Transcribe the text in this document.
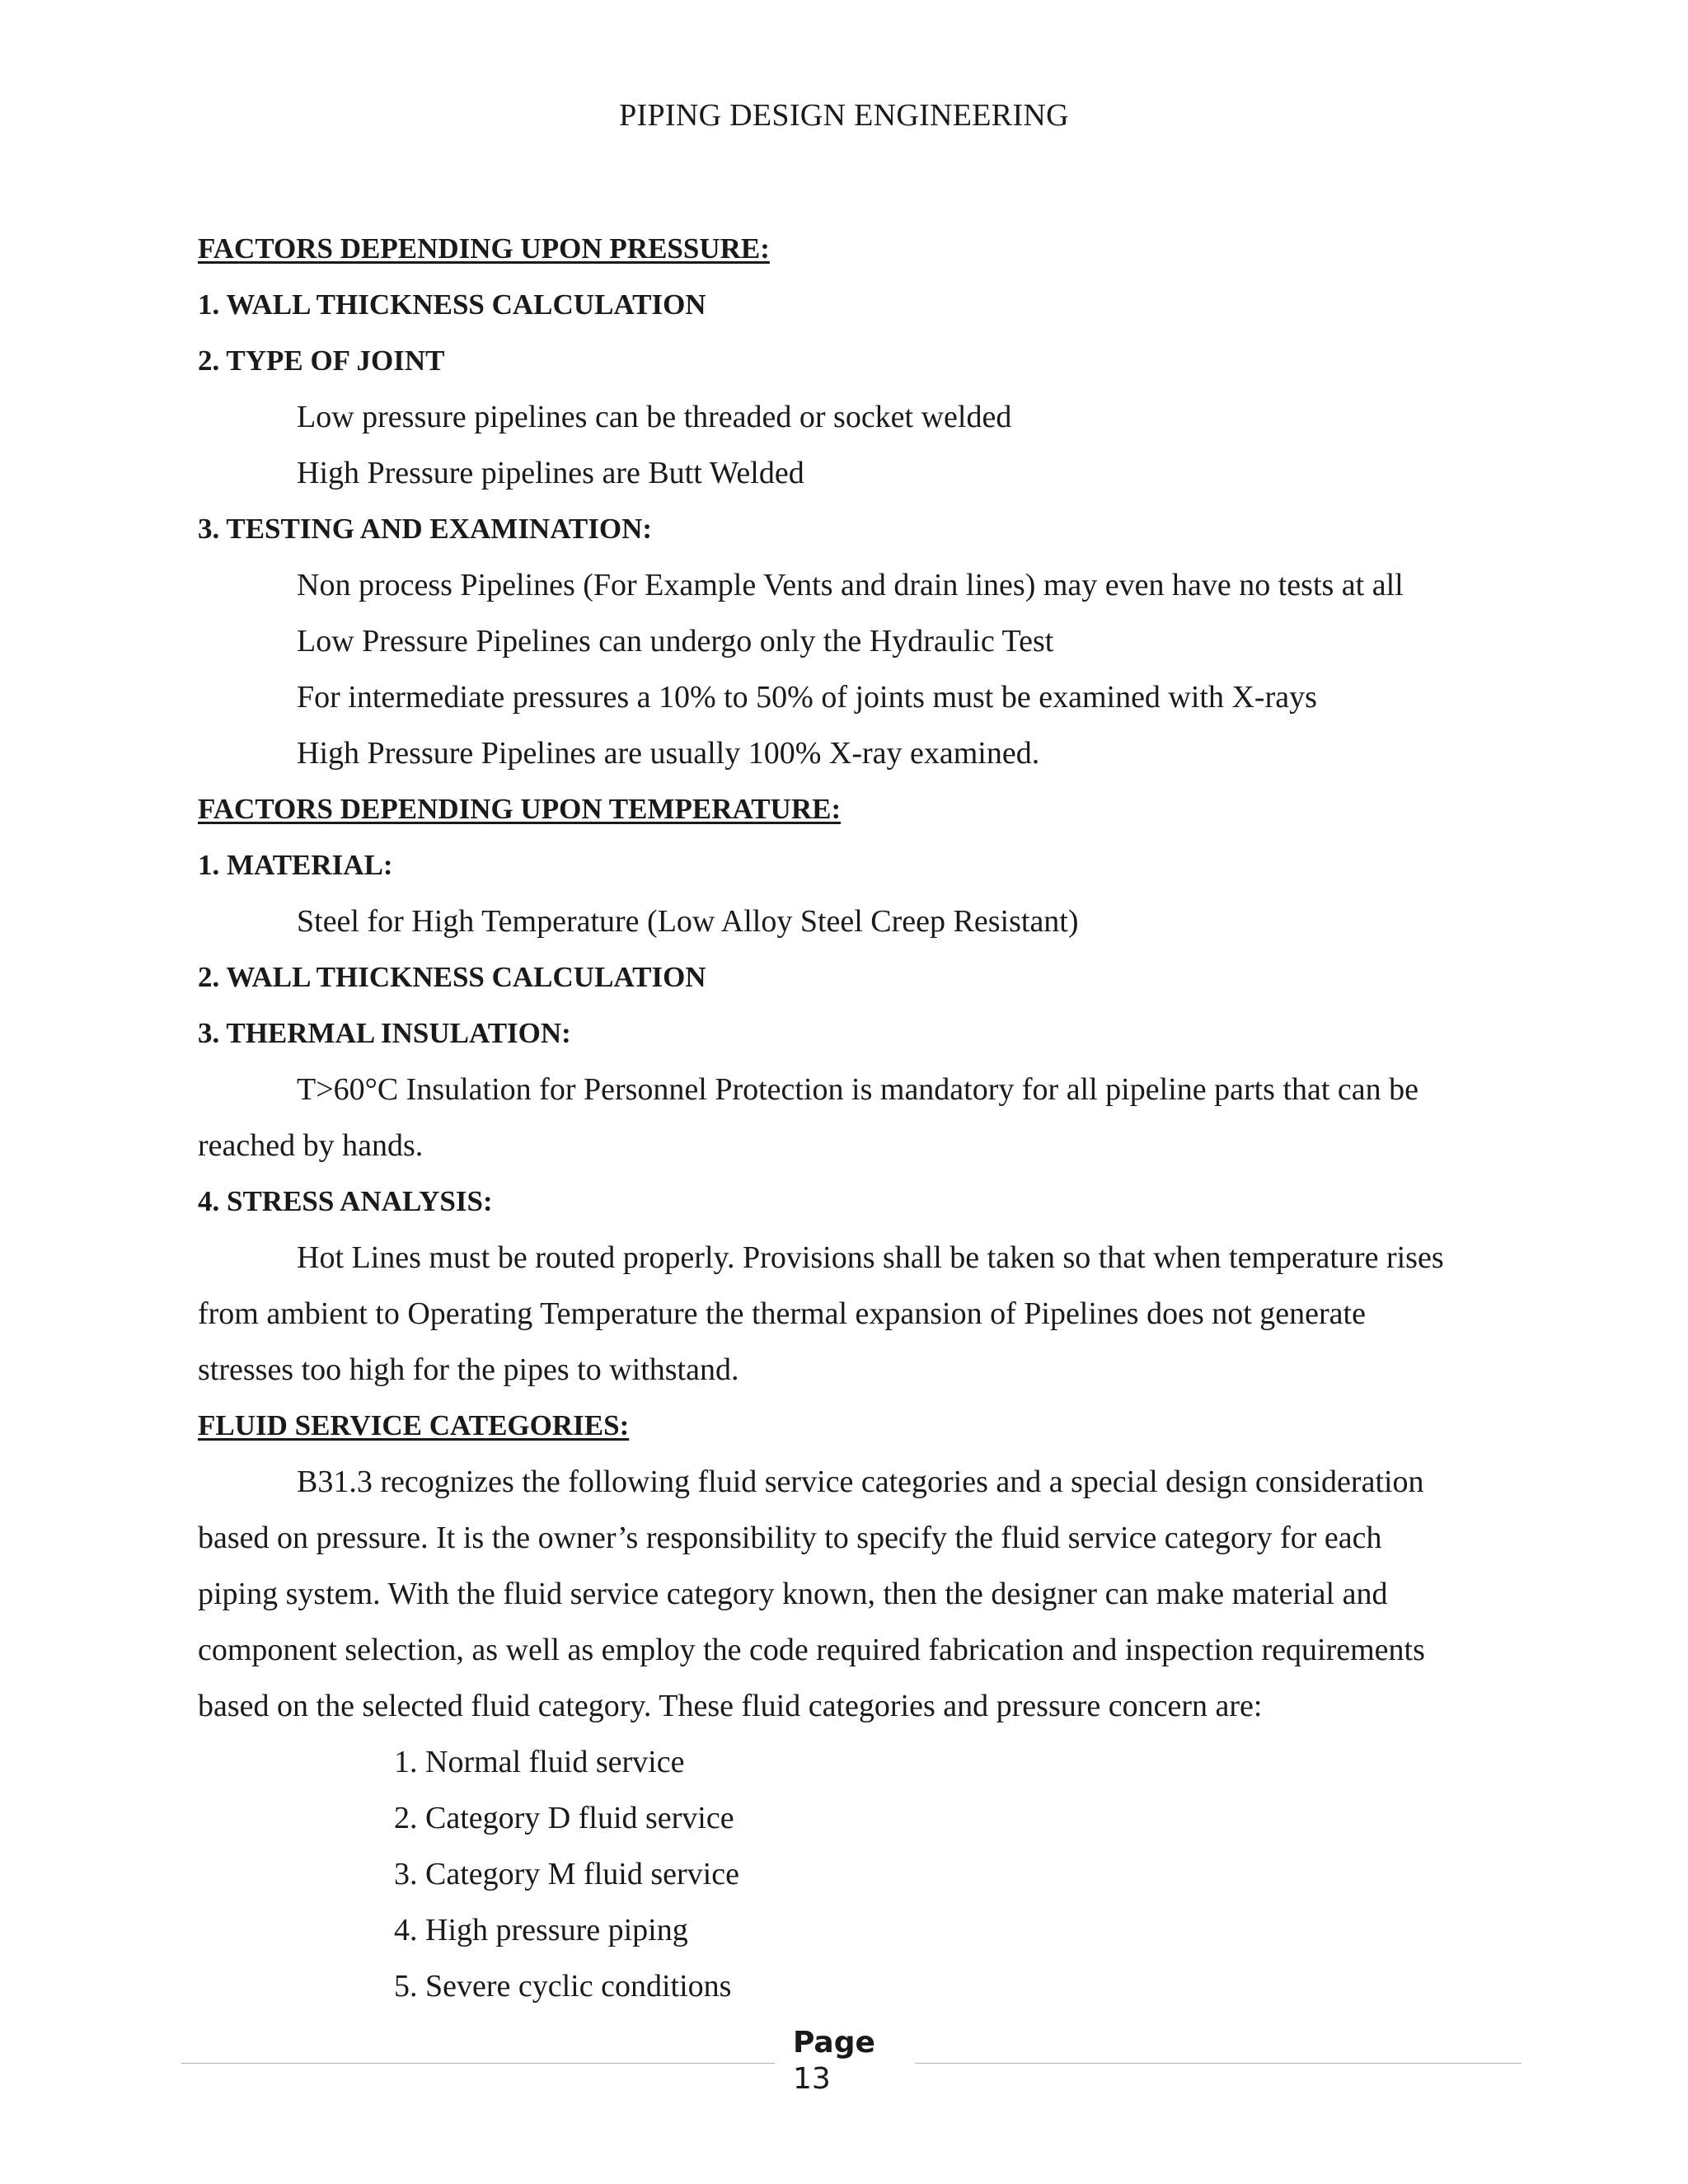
PIPING DESIGN ENGINEERING
FACTORS DEPENDING UPON PRESSURE:
1. WALL THICKNESS CALCULATION
2. TYPE OF JOINT
Low pressure pipelines can be threaded or socket welded
High Pressure pipelines are Butt Welded
3. TESTING AND EXAMINATION:
Non process Pipelines (For Example Vents and drain lines) may even have no tests at all
Low Pressure Pipelines can undergo only the Hydraulic Test
For intermediate pressures a 10% to 50% of joints must be examined with X-rays
High Pressure Pipelines are usually 100% X-ray examined.
FACTORS DEPENDING UPON TEMPERATURE:
1. MATERIAL:
Steel for High Temperature (Low Alloy Steel Creep Resistant)
2. WALL THICKNESS CALCULATION
3. THERMAL INSULATION:
T>60°C Insulation for Personnel Protection is mandatory for all pipeline parts that can be
reached by hands.
4. STRESS ANALYSIS:
Hot Lines must be routed properly. Provisions shall be taken so that when temperature rises
from ambient to Operating Temperature the thermal expansion of Pipelines does not generate
stresses too high for the pipes to withstand.
FLUID SERVICE CATEGORIES:
B31.3 recognizes the following fluid service categories and a special design consideration
based on pressure. It is the owner’s responsibility to specify the fluid service category for each
piping system. With the fluid service category known, then the designer can make material and
component selection, as well as employ the code required fabrication and inspection requirements
based on the selected fluid category. These fluid categories and pressure concern are:
1. Normal fluid service
2. Category D fluid service
3. Category M fluid service
4. High pressure piping
5. Severe cyclic conditions
Page
13
